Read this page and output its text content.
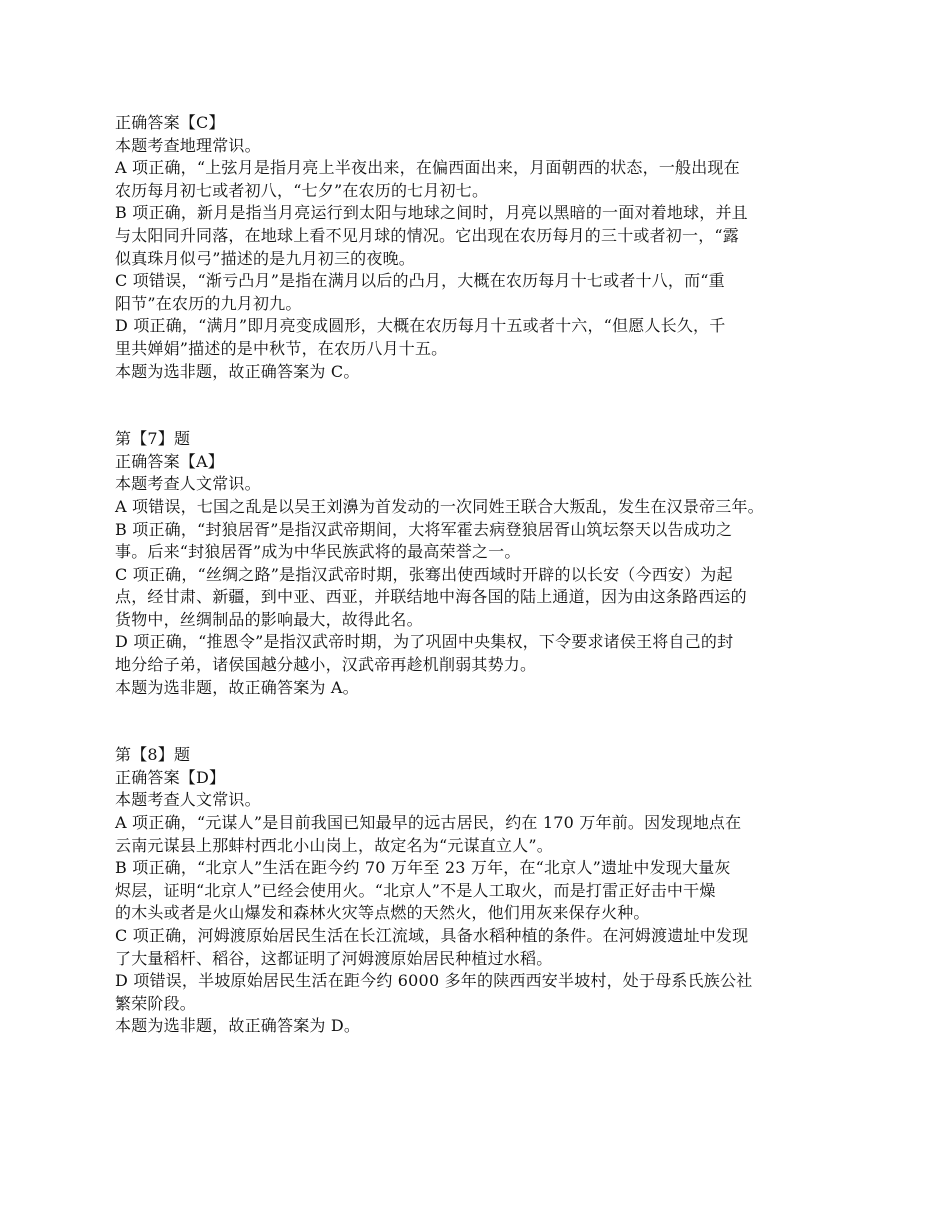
正确答案【C】

本题考查地理常识。

A 项正确，“上弦月是指月亮上半夜出来，在偏西面出来，月面朝西的状态，一般出现在

农历每月初七或者初八，“七夕”在农历的七月初七。

B 项正确，新月是指当月亮运行到太阳与地球之间时，月亮以黑暗的一面对着地球，并且

与太阳同升同落，在地球上看不见月球的情况。它出现在农历每月的三十或者初一，“露

似真珠月似弓”描述的是九月初三的夜晚。

C 项错误，“渐亏凸月”是指在满月以后的凸月，大概在农历每月十七或者十八，而“重

阳节”在农历的九月初九。

D 项正确，“满月”即月亮变成圆形，大概在农历每月十五或者十六，“但愿人长久，千

里共婵娟”描述的是中秋节，在农历八月十五。

本题为选非题，故正确答案为 C。

第【7】题

正确答案【A】

本题考查人文常识。

A 项错误，七国之乱是以吴王刘濞为首发动的一次同姓王联合大叛乱，发生在汉景帝三年。

B 项正确，“封狼居胥”是指汉武帝期间，大将军霍去病登狼居胥山筑坛祭天以告成功之

事。后来“封狼居胥”成为中华民族武将的最高荣誉之一。

C 项正确，“丝绸之路”是指汉武帝时期，张骞出使西域时开辟的以长安（今西安）为起

点，经甘肃、新疆，到中亚、西亚，并联结地中海各国的陆上通道，因为由这条路西运的

货物中，丝绸制品的影响最大，故得此名。

D 项正确，“推恩令”是指汉武帝时期，为了巩固中央集权，下令要求诸侯王将自己的封

地分给子弟，诸侯国越分越小，汉武帝再趁机削弱其势力。

本题为选非题，故正确答案为 A。

第【8】题

正确答案【D】

本题考查人文常识。

A 项正确，“元谋人”是目前我国已知最早的远古居民，约在 170 万年前。因发现地点在

云南元谋县上那蚌村西北小山岗上，故定名为“元谋直立人”。

B 项正确，“北京人”生活在距今约 70 万年至 23 万年，在“北京人”遗址中发现大量灰

烬层，证明“北京人”已经会使用火。“北京人”不是人工取火，而是打雷正好击中干燥

的木头或者是火山爆发和森林火灾等点燃的天然火，他们用灰来保存火种。

C 项正确，河姆渡原始居民生活在长江流域，具备水稻种植的条件。在河姆渡遗址中发现

了大量稻杆、稻谷，这都证明了河姆渡原始居民种植过水稻。

D 项错误，半坡原始居民生活在距今约 6000 多年的陕西西安半坡村，处于母系氏族公社

繁荣阶段。

本题为选非题，故正确答案为 D。
